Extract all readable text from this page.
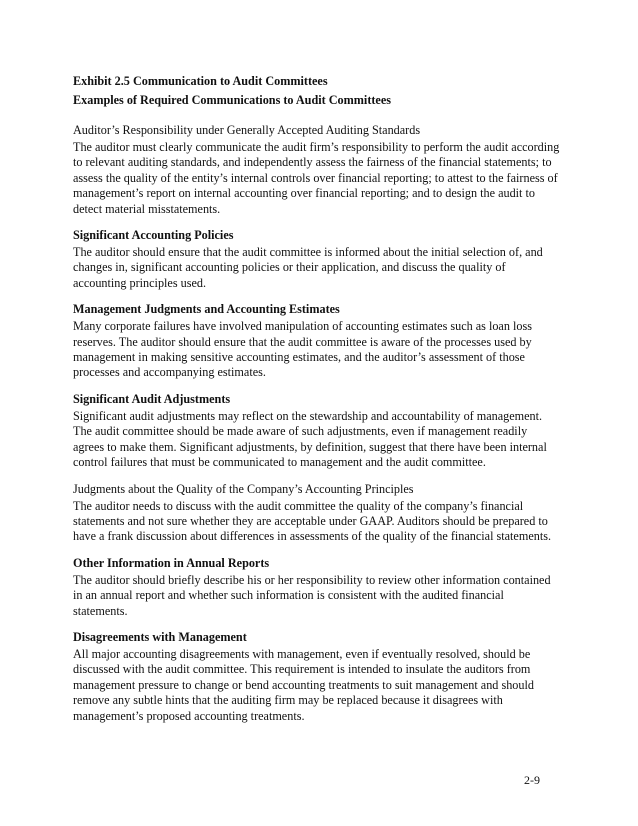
Exhibit 2.5 Communication to Audit Committees
Examples of Required Communications to Audit Committees
Auditor’s Responsibility under Generally Accepted Auditing Standards
The auditor must clearly communicate the audit firm’s responsibility to perform the audit according to relevant auditing standards, and independently assess the fairness of the financial statements; to assess the quality of the entity’s internal controls over financial reporting; to attest to the fairness of management’s report on internal accounting over financial reporting; and to design the audit to detect material misstatements.
Significant Accounting Policies
The auditor should ensure that the audit committee is informed about the initial selection of, and changes in, significant accounting policies or their application, and discuss the quality of accounting principles used.
Management Judgments and Accounting Estimates
Many corporate failures have involved manipulation of accounting estimates such as loan loss reserves. The auditor should ensure that the audit committee is aware of the processes used by management in making sensitive accounting estimates, and the auditor’s assessment of those processes and accompanying estimates.
Significant Audit Adjustments
Significant audit adjustments may reflect on the stewardship and accountability of management. The audit committee should be made aware of such adjustments, even if management readily agrees to make them. Significant adjustments, by definition, suggest that there have been internal control failures that must be communicated to management and the audit committee.
Judgments about the Quality of the Company’s Accounting Principles
The auditor needs to discuss with the audit committee the quality of the company’s financial statements and not sure whether they are acceptable under GAAP. Auditors should be prepared to have a frank discussion about differences in assessments of the quality of the financial statements.
Other Information in Annual Reports
The auditor should briefly describe his or her responsibility to review other information contained in an annual report and whether such information is consistent with the audited financial statements.
Disagreements with Management
All major accounting disagreements with management, even if eventually resolved, should be discussed with the audit committee. This requirement is intended to insulate the auditors from management pressure to change or bend accounting treatments to suit management and should remove any subtle hints that the auditing firm may be replaced because it disagrees with management’s proposed accounting treatments.
2-9
